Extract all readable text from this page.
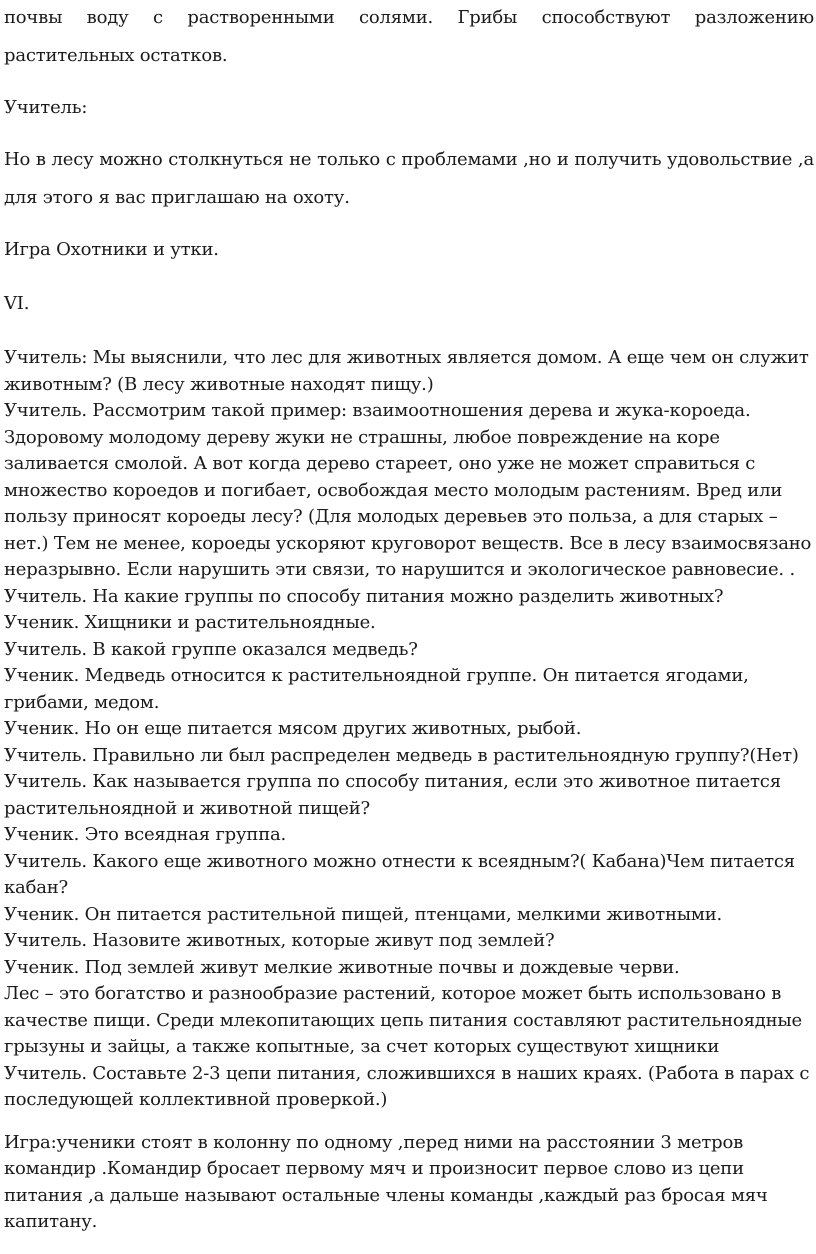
почвы воду с растворенными солями. Грибы способствуют разложению растительных остатков.

Учитель:

Но в лесу можно столкнуться не только с проблемами ,но и получить удовольствие ,а для этого я вас приглашаю на охоту.

Игра Охотники и утки.

VI.

Учитель: Мы выяснили, что лес для животных является домом. А еще чем он служит животным? (В лесу животные находят пищу.)

Учитель. Рассмотрим такой пример: взаимоотношения дерева и жука-короеда. Здоровому молодому дереву жуки не страшны, любое повреждение на коре заливается смолой. А вот когда дерево стареет, оно уже не может справиться с множество короедов и погибает, освобождая место молодым растениям. Вред или пользу приносят короеды лесу? (Для молодых деревьев это польза, а для старых – нет.) Тем не менее, короеды ускоряют круговорот веществ. Все в лесу взаимосвязано неразрывно. Если нарушить эти связи, то нарушится и экологическое равновесие. .

Учитель. На какие группы по способу питания можно разделить животных?

Ученик. Хищники и растительноядные.

Учитель. В какой группе оказался медведь?

Ученик. Медведь относится к растительноядной группе. Он питается ягодами, грибами, медом.

Ученик. Но он еще питается мясом других животных, рыбой.

Учитель. Правильно ли был распределен медведь в растительноядную группу?(Нет)

Учитель. Как называется группа по способу питания, если это животное питается растительноядной и животной пищей?

Ученик. Это всеядная группа.

Учитель. Какого еще животного можно отнести к всеядным?( Кабана)Чем питается кабан?

Ученик. Он питается растительной пищей, птенцами, мелкими животными.

Учитель. Назовите животных, которые живут под землей?

Ученик. Под землей живут мелкие животные почвы и дождевые черви.

Лес – это богатство и разнообразие растений, которое может быть использовано в качестве пищи. Среди млекопитающих цепь питания составляют растительноядные грызуны и зайцы, а также копытные, за счет которых существуют хищники

Учитель. Составьте 2-3 цепи питания, сложившихся в наших краях. (Работа в парах с последующей коллективной проверкой.)

Игра:ученики стоят в колонну по одному ,перед ними на расстоянии 3 метров командир .Командир бросает первому мяч и произносит первое слово из цепи питания ,а дальше называют остальные члены команды ,каждый раз бросая мяч капитану.
